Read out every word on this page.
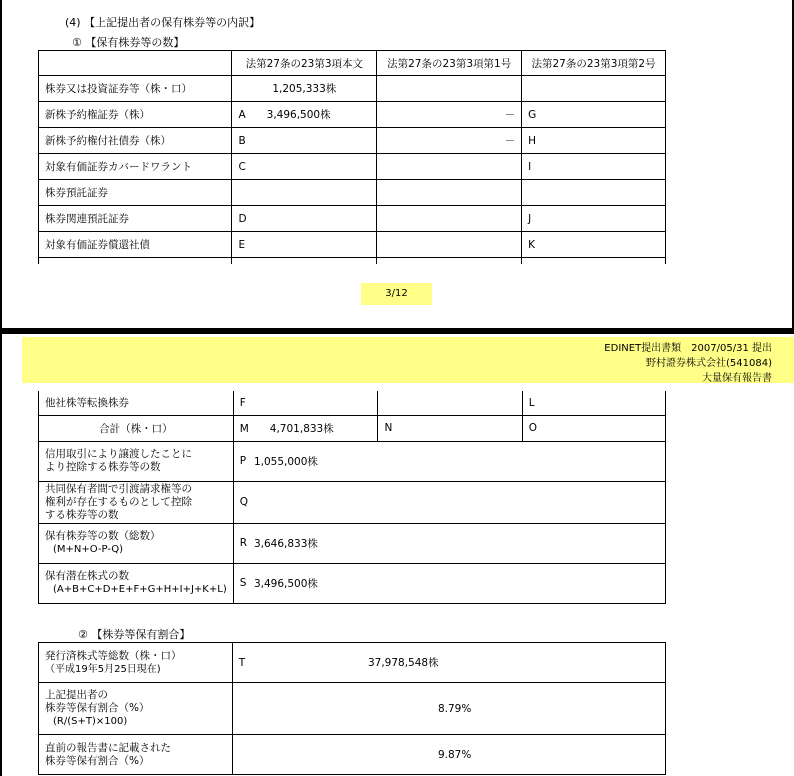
(4) 【上記提出者の保有株券等の内訳】
① 【保有株券等の数】
	法第27条の23第3項本文	法第27条の23第3項第1号	法第27条の23第3項第2号
株券又は投資証券等（株・口）	1,205,333株		
新株予約権証券（株）	A　　3,496,500株	－	G
新株予約権付社債券（株）	B	－	H
対象有価証券カバードワラント	C		I
株券預託証券			
株券関連預託証券	D		J
対象有価証券償還社債	E		K

3/12
EDINET提出書類　2007/05/31 提出
野村證券株式会社(541084)
大量保有報告書
他社株等転換株券	F		L
合計（株・口）	M　　4,701,833株	N	O

信用取引により譲渡したことに
より控除する株券等の数	P	1,055,000株	

共同保有者間で引渡請求権等の
権利が存在するものとして控除
する株券等の数	Q		

保有株券等の数（総数）
(M+N+O-P-Q)	R	3,646,833株	

保有潜在株式の数
(A+B+C+D+E+F+G+H+I+J+K+L)	S	3,496,500株	
② 【株券等保有割合】
発行済株式等総数（株・口）
（平成19年5月25日現在)	T	37,978,548株

上記提出者の
株券等保有割合（%）
(R/(S+T)×100)		8.79%

直前の報告書に記載された
株券等保有割合（%）		9.87%
